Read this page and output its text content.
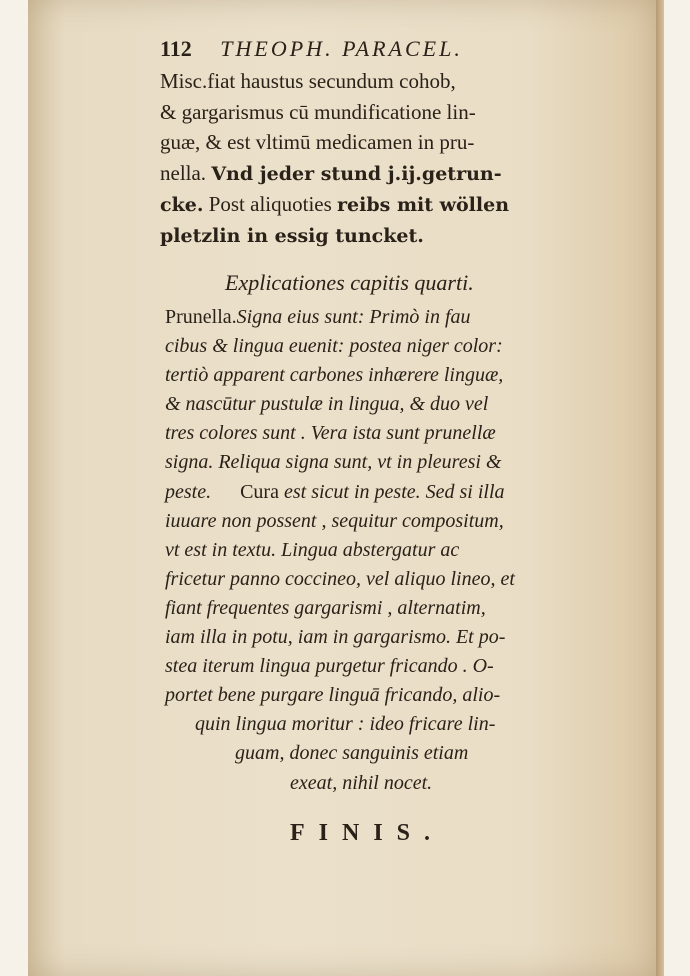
112 THEOPH. PARACEL.
Misc.fiat haustus secundum cohob,
& gargarismus cū mundificatione lin-
guæ, & est vltimū medicamen in pru-
nella. Vnd jeder stund j.ij.getrun-
cke. Post aliquoties reibs mit wöllen
pletzlin in essig tuncket.
Explicationes capitis quarti.
Prunella.Signa eius sunt: Primò in fau
cibus & lingua euenit: postea niger color:
tertiò apparent carbones inhærere linguæ,
& nascūtur pustulæ in lingua, & duo vel
tres colores sunt . Vera ista sunt prunellæ
signa. Reliqua signa sunt, vt in pleuresi &
peste. Cura est sicut in peste. Sed si illa
iuuare non possent , sequitur compositum,
vt est in textu. Lingua abstergatur ac
fricetur panno coccineo, vel aliquo lineo, et
fiant frequentes gargarismi , alternatim,
iam illa in potu, iam in gargarismo. Et po-
stea iterum lingua purgetur fricando . O-
portet bene purgare linguā fricando, alio-
quin lingua moritur : ideo fricare lin-
guam, donec sanguinis etiam
exeat, nihil nocet.
FINIS.
